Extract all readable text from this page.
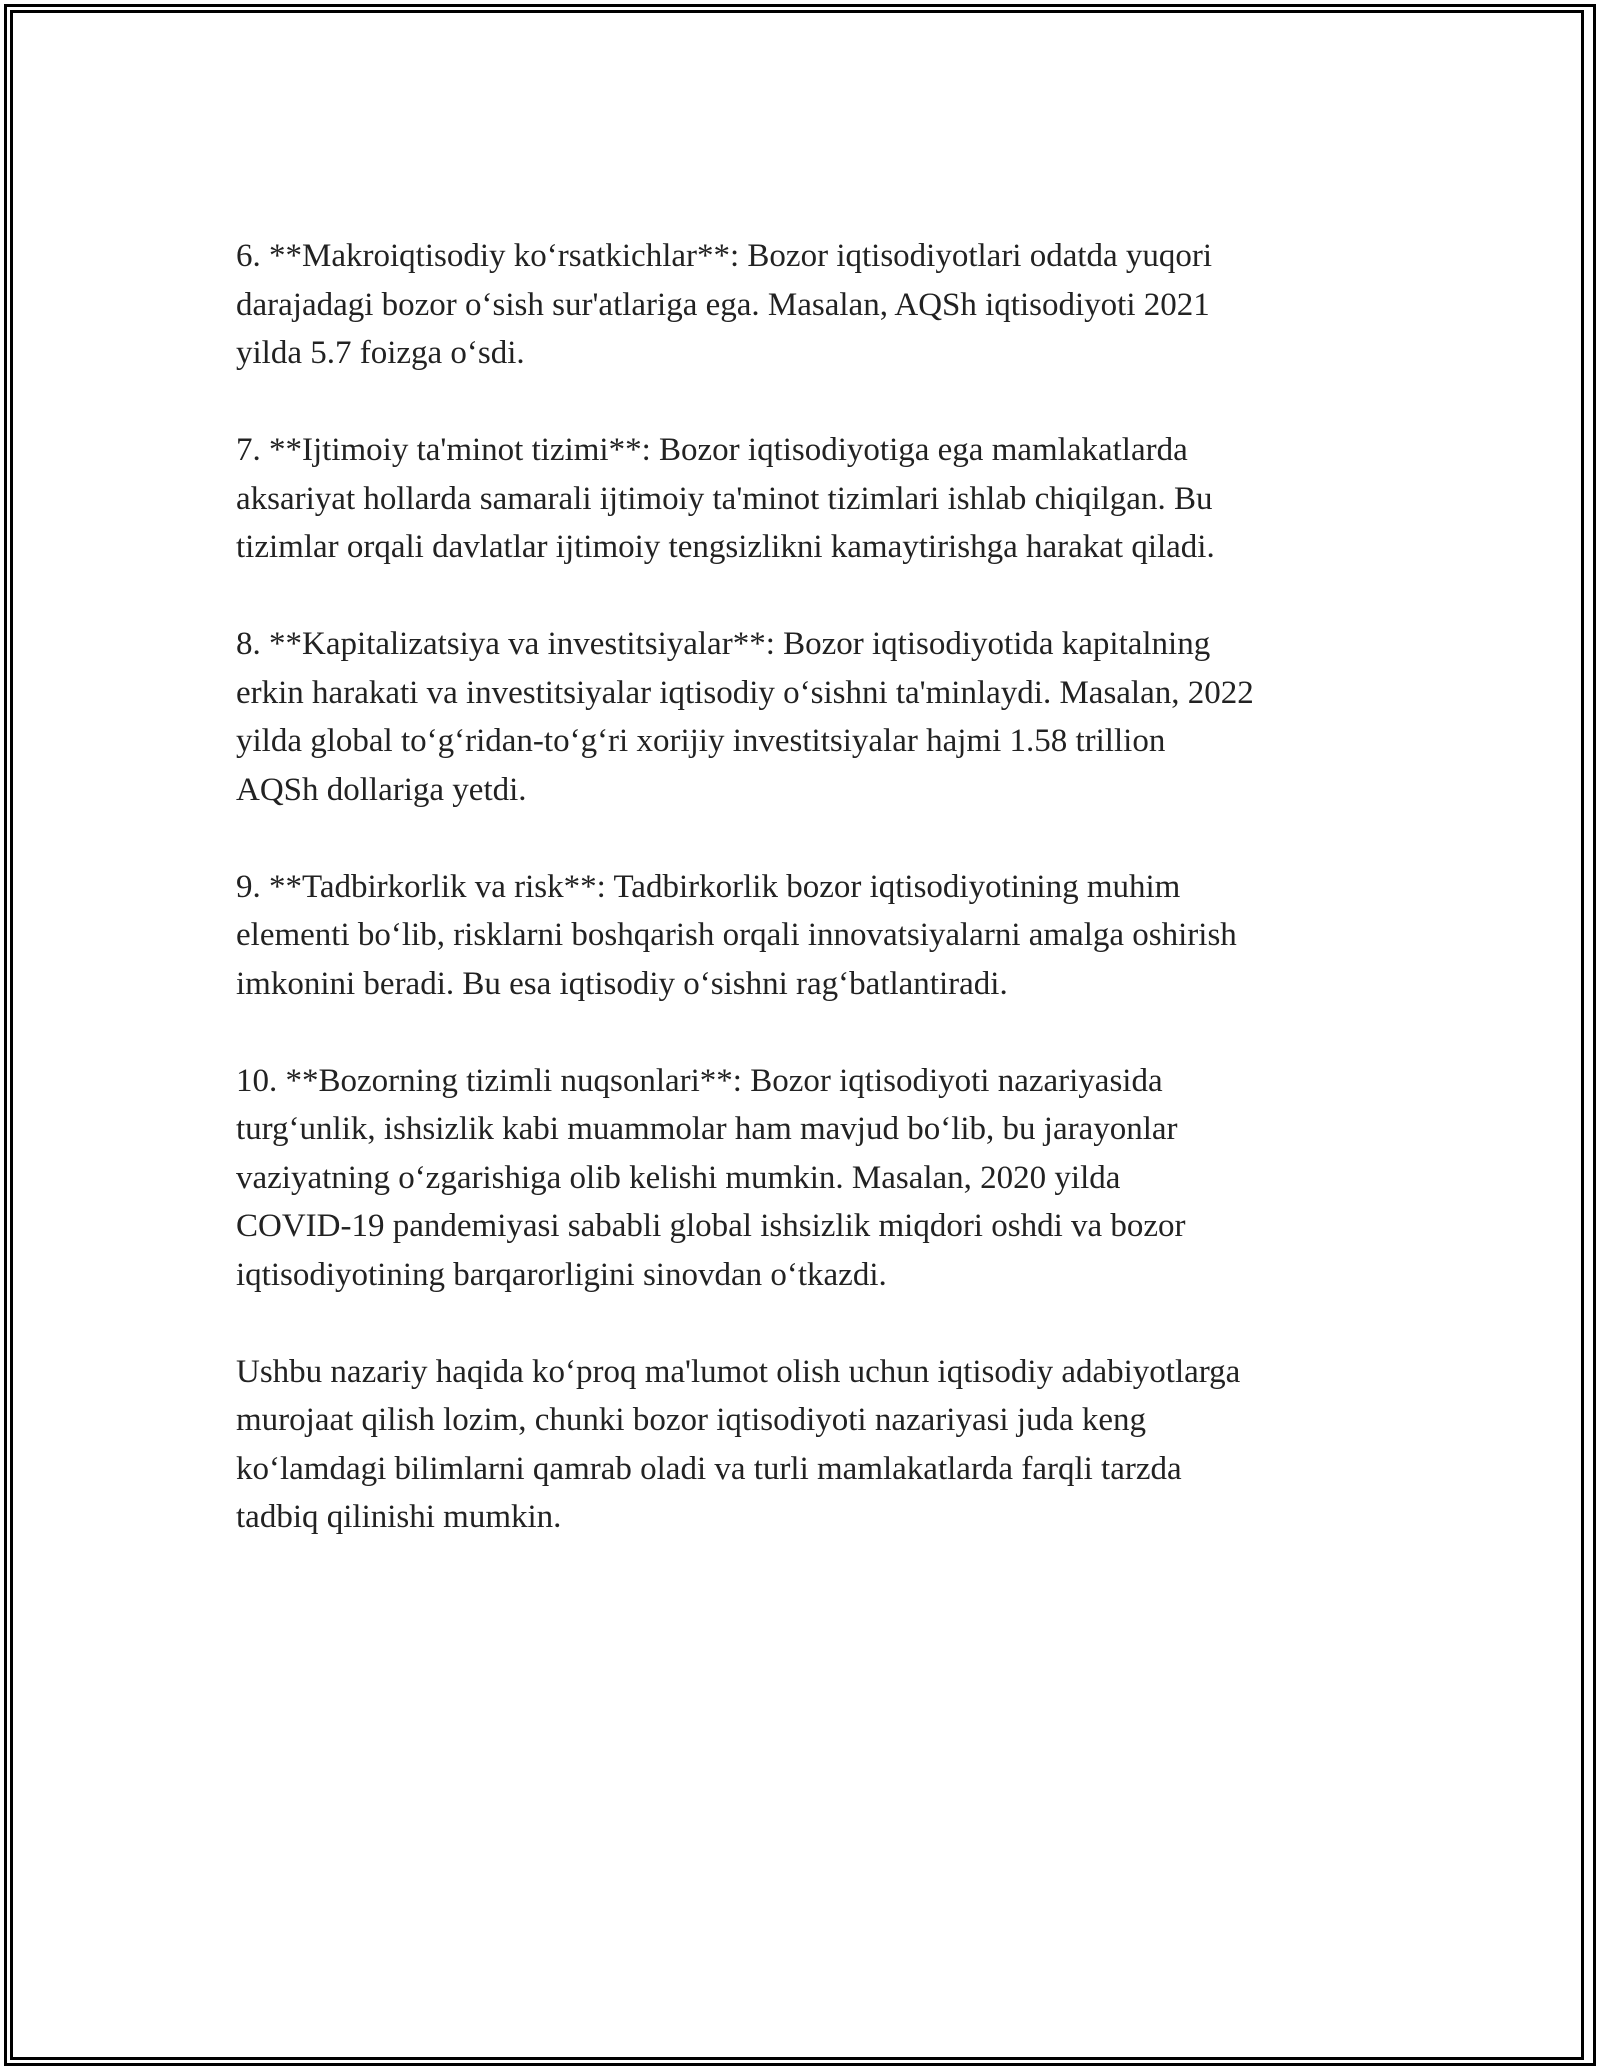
6. **Makroiqtisodiy ko‘rsatkichlar**: Bozor iqtisodiyotlari odatda yuqori
darajadagi bozor o‘sish sur'atlariga ega. Masalan, AQSh iqtisodiyoti 2021
yilda 5.7 foizga o‘sdi.

7. **Ijtimoiy ta'minot tizimi**: Bozor iqtisodiyotiga ega mamlakatlarda
aksariyat hollarda samarali ijtimoiy ta'minot tizimlari ishlab chiqilgan. Bu
tizimlar orqali davlatlar ijtimoiy tengsizlikni kamaytirishga harakat qiladi.

8. **Kapitalizatsiya va investitsiyalar**: Bozor iqtisodiyotida kapitalning
erkin harakati va investitsiyalar iqtisodiy o‘sishni ta'minlaydi. Masalan, 2022
yilda global to‘g‘ridan-to‘g‘ri xorijiy investitsiyalar hajmi 1.58 trillion
AQSh dollariga yetdi.

9. **Tadbirkorlik va risk**: Tadbirkorlik bozor iqtisodiyotining muhim
elementi bo‘lib, risklarni boshqarish orqali innovatsiyalarni amalga oshirish
imkonini beradi. Bu esa iqtisodiy o‘sishni rag‘batlantiradi.

10. **Bozorning tizimli nuqsonlari**: Bozor iqtisodiyoti nazariyasida
turg‘unlik, ishsizlik kabi muammolar ham mavjud bo‘lib, bu jarayonlar
vaziyatning o‘zgarishiga olib kelishi mumkin. Masalan, 2020 yilda
COVID-19 pandemiyasi sababli global ishsizlik miqdori oshdi va bozor
iqtisodiyotining barqarorligini sinovdan o‘tkazdi.

Ushbu nazariy haqida ko‘proq ma'lumot olish uchun iqtisodiy adabiyotlarga
murojaat qilish lozim, chunki bozor iqtisodiyoti nazariyasi juda keng
ko‘lamdagi bilimlarni qamrab oladi va turli mamlakatlarda farqli tarzda
tadbiq qilinishi mumkin.
